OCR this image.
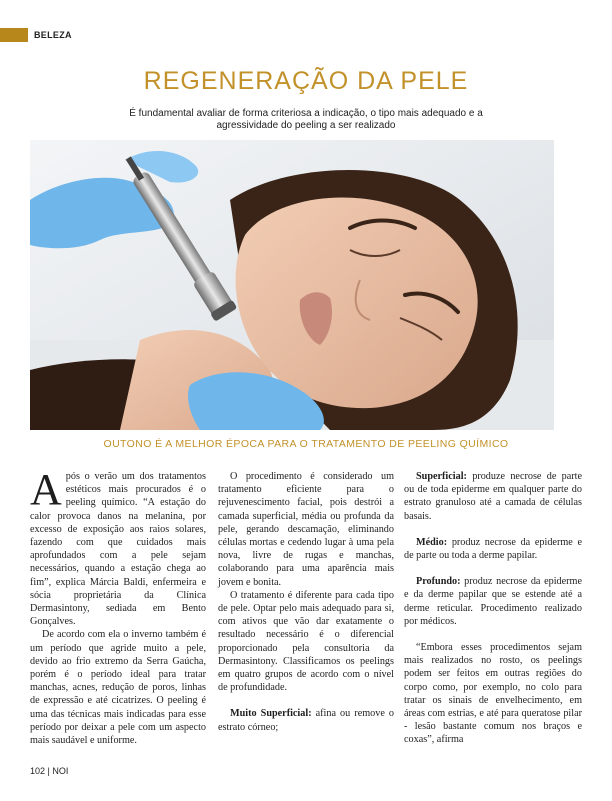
BELEZA
REGENERAÇÃO DA PELE
É fundamental avaliar de forma criteriosa a indicação, o tipo mais adequado e a agressividade do peeling a ser realizado
OUTONO É A MELHOR ÉPOCA PARA O TRATAMENTO DE PEELING QUÍMICO

Após o verão um dos tratamentos estéticos mais procurados é o peeling químico. “A estação do calor provoca danos na melanina, por excesso de exposição aos raios solares, fazendo com que cuidados mais aprofundados com a pele sejam necessários, quando a estação chega ao fim”, explica Márcia Baldi, enfermeira e sócia proprietária da Clínica Dermasintony, sediada em Bento Gonçalves.

De acordo com ela o inverno também é um período que agride muito a pele, devido ao frio extremo da Serra Gaúcha, porém é o período ideal para tratar manchas, acnes, redução de poros, linhas de expressão e até cicatrizes. O peeling é uma das técnicas mais indicadas para esse período por deixar a pele com um aspecto mais saudável e uniforme.

O procedimento é considerado um tratamento eficiente para o rejuvenescimento facial, pois destrói a camada superficial, média ou profunda da pele, gerando descamação, eliminando células mortas e cedendo lugar à uma pela nova, livre de rugas e manchas, colaborando para uma aparência mais jovem e bonita.

O tratamento é diferente para cada tipo de pele. Optar pelo mais adequado para si, com ativos que vão dar exatamente o resultado necessário é o diferencial proporcionado pela consultoria da Dermasintony. Classificamos os peelings em quatro grupos de acordo com o nível de profundidade.

Muito Superficial: afina ou remove o estrato córneo;

Superficial: produze necrose de parte ou de toda epiderme em qualquer parte do estrato granuloso até a camada de células basais.

Médio: produz necrose da epiderme e de parte ou toda a derme papilar.

Profundo: produz necrose da epiderme e da derme papilar que se estende até a derme reticular. Procedimento realizado por médicos.

“Embora esses procedimentos sejam mais realizados no rosto, os peelings podem ser feitos em outras regiões do corpo como, por exemplo, no colo para tratar os sinais de envelhecimento, em áreas com estrias, e até para queratose pilar - lesão bastante comum nos braços e coxas”, afirma

102 | NOI
